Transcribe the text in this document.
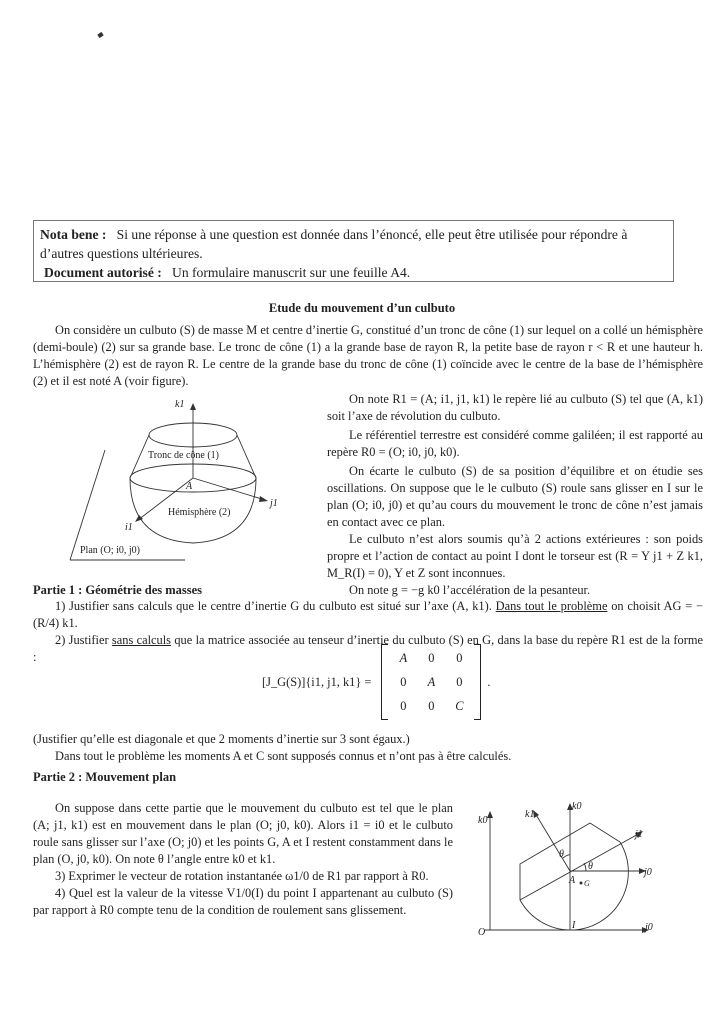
Nota bene : Si une réponse à une question est donnée dans l’énoncé, elle peut être utilisée pour répondre à d’autres questions ultérieures.
Document autorisé : Un formulaire manuscrit sur une feuille A4.
Etude du mouvement d’un culbuto
On considère un culbuto (S) de masse M et centre d’inertie G, constitué d’un tronc de cône (1) sur lequel on a collé un hémisphère (demi-boule) (2) sur sa grande base. Le tronc de cône (1) a la grande base de rayon R, la petite base de rayon r < R et une hauteur h. L’hémisphère (2) est de rayon R. Le centre de la grande base du tronc de cône (1) coïncide avec le centre de la base de l’hémisphère (2) et il est noté A (voir figure).
On note R1 = (A; i1, j1, k1) le repère lié au culbuto (S) tel que (A, k1) soit l’axe de révolution du culbuto.
Le référentiel terrestre est considéré comme galiléen; il est rapporté au repère R0 = (O; i0, j0, k0).
On écarte le culbuto (S) de sa position d’équilibre et on étudie ses oscillations. On suppose que le le culbuto (S) roule sans glisser en I sur le plan (O; i0, j0) et qu’au cours du mouvement le tronc de cône n’est jamais en contact avec ce plan.
Le culbuto n’est alors soumis qu’à 2 actions extérieures : son poids propre et l’action de contact au point I dont le torseur est (R = Y j1 + Z k1, M_R(I) = 0), Y et Z sont inconnues.
On note g = −g k0 l’accélération de la pesanteur.
k1
j1
i1
A
Tronc de cône (1)
Hémisphère (2)
Plan (O; i0, j0)
Partie 1 : Géométrie des masses
1) Justifier sans calculs que le centre d’inertie G du culbuto est situé sur l’axe (A, k1). Dans tout le problème on choisit AG = −(R/4) k1.
2) Justifier sans calculs que la matrice associée au tenseur d’inertie du culbuto (S) en G, dans la base du repère R1 est de la forme :
[J_G(S)]{i1, j1, k1} =
A	0	0
0	A	0
0	0	C
.
(Justifier qu’elle est diagonale et que 2 moments d’inertie sur 3 sont égaux.)
Dans tout le problème les moments A et C sont supposés connus et n’ont pas à être calculés.
Partie 2 : Mouvement plan
On suppose dans cette partie que le mouvement du culbuto est tel que le plan (A; j1, k1) est en mouvement dans le plan (O; j0, k0). Alors i1 = i0 et le culbuto roule sans glisser sur l’axe (O; j0) et les points G, A et I restent constamment dans le plan (O, j0, k0). On note θ l’angle entre k0 et k1.
3) Exprimer le vecteur de rotation instantanée ω1/0 de R1 par rapport à R0.
4) Quel est la valeur de la vitesse V1/0(I) du point I appartenant au culbuto (S) par rapport à R0 compte tenu de la condition de roulement sans glissement.
k0
k0
k1
j1
j0
j0
θ
θ
A G
O
I
